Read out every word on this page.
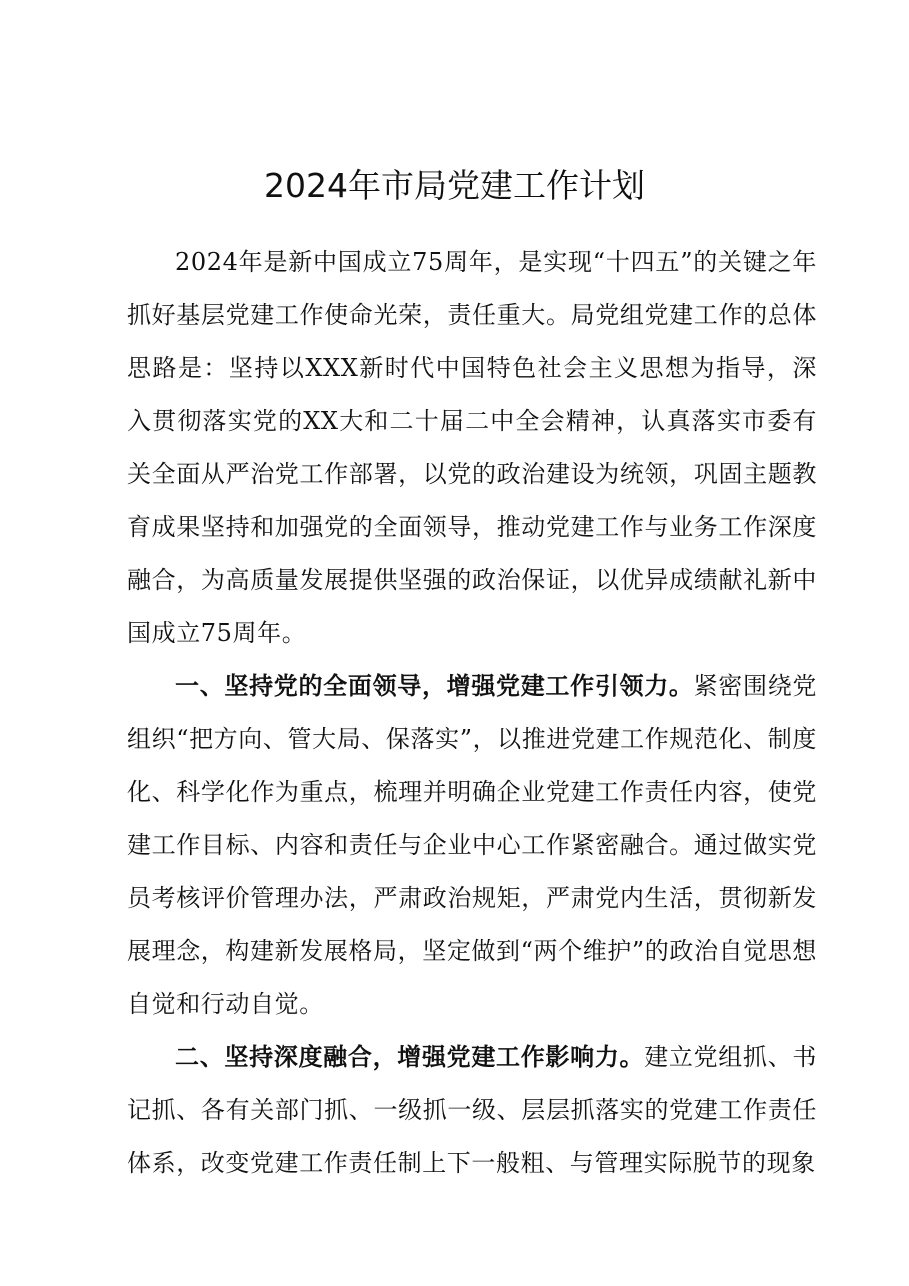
2024年市局党建工作计划

2024年是新中国成立75周年，是实现“十四五”的关键之年抓好基层党建工作使命光荣，责任重大。局党组党建工作的总体思路是：坚持以XXX新时代中国特色社会主义思想为指导，深入贯彻落实党的XX大和二十届二中全会精神，认真落实市委有关全面从严治党工作部署，以党的政治建设为统领，巩固主题教育成果坚持和加强党的全面领导，推动党建工作与业务工作深度融合，为高质量发展提供坚强的政治保证，以优异成绩献礼新中国成立75周年。

一、坚持党的全面领导，增强党建工作引领力。紧密围绕党组织“把方向、管大局、保落实”，以推进党建工作规范化、制度化、科学化作为重点，梳理并明确企业党建工作责任内容，使党建工作目标、内容和责任与企业中心工作紧密融合。通过做实党员考核评价管理办法，严肃政治规矩，严肃党内生活，贯彻新发展理念，构建新发展格局，坚定做到“两个维护”的政治自觉思想自觉和行动自觉。

二、坚持深度融合，增强党建工作影响力。建立党组抓、书记抓、各有关部门抓、一级抓一级、层层抓落实的党建工作责任体系，改变党建工作责任制上下一般粗、与管理实际脱节的现象
